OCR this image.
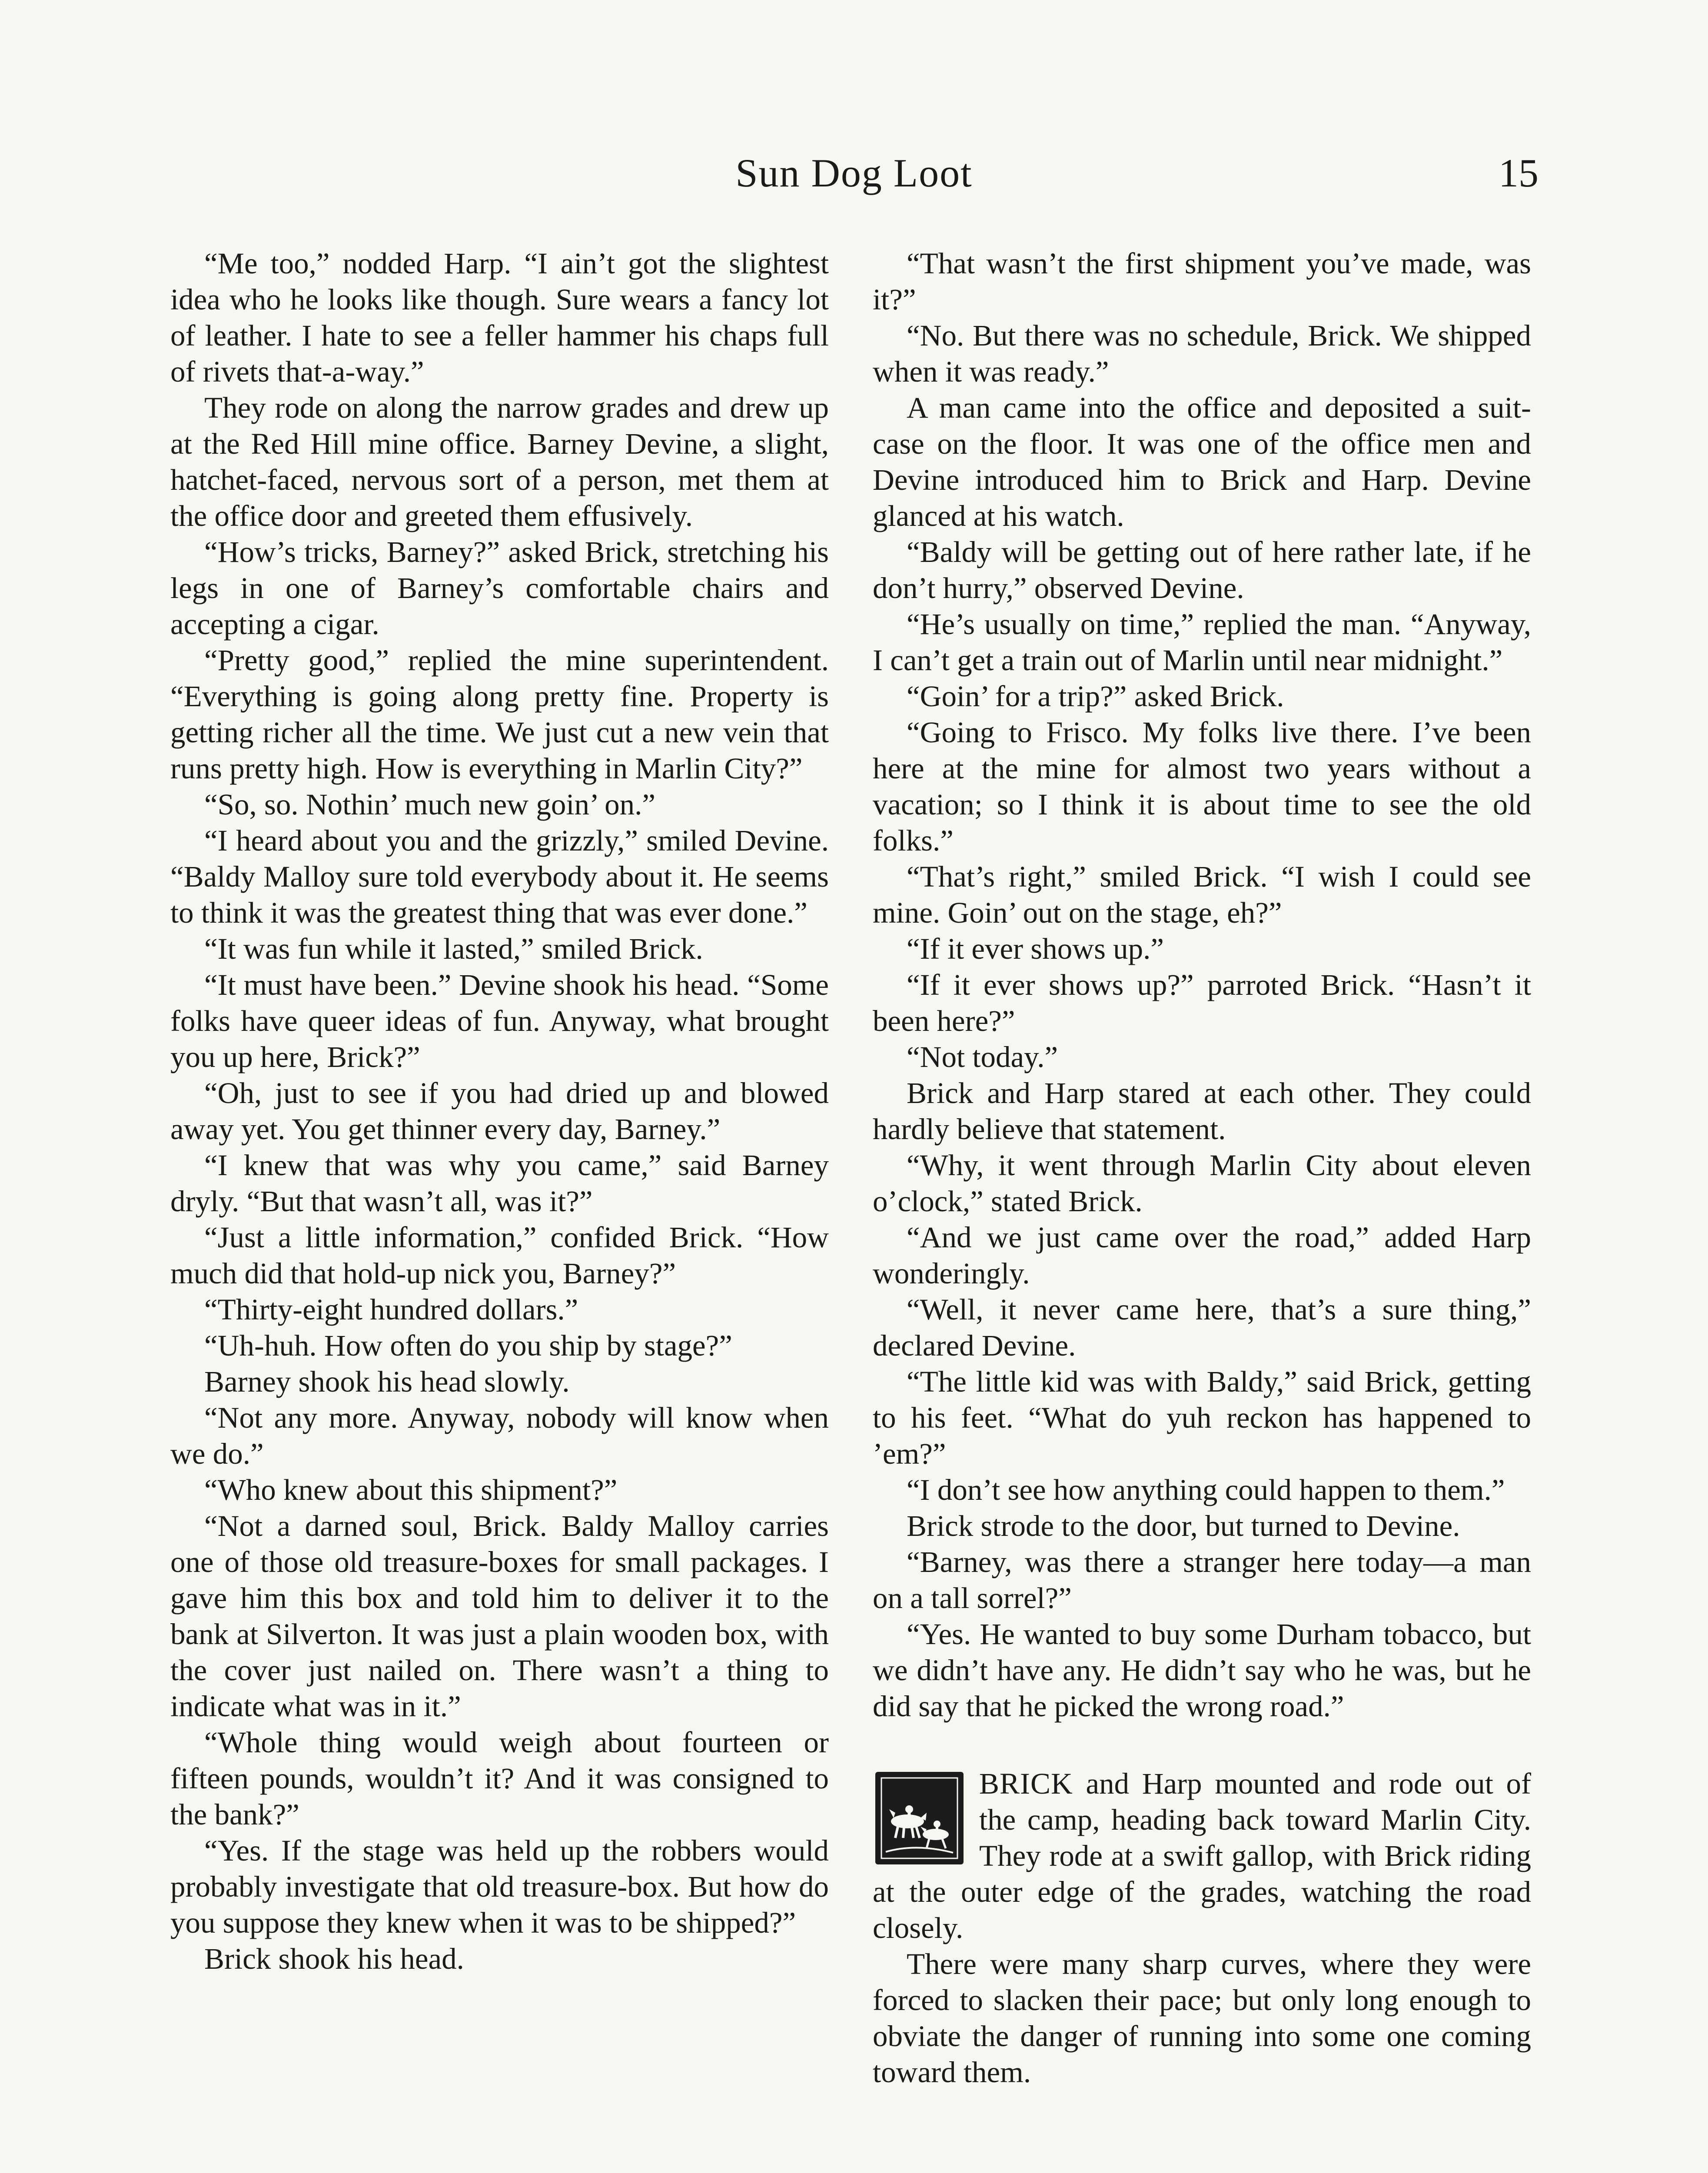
Sun Dog Loot	15

“Me too,” nodded Harp. “I ain’t got the slightest idea who he looks like though. Sure wears a fancy lot of leather. I hate to see a feller hammer his chaps full of rivets that-a-way.”

They rode on along the narrow grades and drew up at the Red Hill mine office. Barney Devine, a slight, hatchet-faced, nervous sort of a person, met them at the office door and greeted them effusively.

“How’s tricks, Barney?” asked Brick, stretching his legs in one of Barney’s comfortable chairs and accepting a cigar.

“Pretty good,” replied the mine superintendent. “Everything is going along pretty fine. Property is getting richer all the time. We just cut a new vein that runs pretty high. How is everything in Marlin City?”

“So, so. Nothin’ much new goin’ on.”

“I heard about you and the grizzly,” smiled Devine. “Baldy Malloy sure told everybody about it. He seems to think it was the greatest thing that was ever done.”

“It was fun while it lasted,” smiled Brick.

“It must have been.” Devine shook his head. “Some folks have queer ideas of fun. Anyway, what brought you up here, Brick?”

“Oh, just to see if you had dried up and blowed away yet. You get thinner every day, Barney.”

“I knew that was why you came,” said Barney dryly. “But that wasn’t all, was it?”

“Just a little information,” confided Brick. “How much did that hold-up nick you, Barney?”

“Thirty-eight hundred dollars.”

“Uh-huh. How often do you ship by stage?”

Barney shook his head slowly.

“Not any more. Anyway, nobody will know when we do.”

“Who knew about this shipment?”

“Not a darned soul, Brick. Baldy Malloy carries one of those old treasure-boxes for small packages. I gave him this box and told him to deliver it to the bank at Silverton. It was just a plain wooden box, with the cover just nailed on. There wasn’t a thing to indicate what was in it.”

“Whole thing would weigh about fourteen or fifteen pounds, wouldn’t it? And it was consigned to the bank?”

“Yes. If the stage was held up the robbers would probably investigate that old treasure-box. But how do you suppose they knew when it was to be shipped?”

Brick shook his head.

“That wasn’t the first shipment you’ve made, was it?”

“No. But there was no schedule, Brick. We shipped when it was ready.”

A man came into the office and deposited a suit-case on the floor. It was one of the office men and Devine introduced him to Brick and Harp. Devine glanced at his watch.

“Baldy will be getting out of here rather late, if he don’t hurry,” observed Devine.

“He’s usually on time,” replied the man. “Anyway, I can’t get a train out of Marlin until near midnight.”

“Goin’ for a trip?” asked Brick.

“Going to Frisco. My folks live there. I’ve been here at the mine for almost two years without a vacation; so I think it is about time to see the old folks.”

“That’s right,” smiled Brick. “I wish I could see mine. Goin’ out on the stage, eh?”

“If it ever shows up.”

“If it ever shows up?” parroted Brick. “Hasn’t it been here?”

“Not today.”

Brick and Harp stared at each other. They could hardly believe that statement.

“Why, it went through Marlin City about eleven o’clock,” stated Brick.

“And we just came over the road,” added Harp wonderingly.

“Well, it never came here, that’s a sure thing,” declared Devine.

“The little kid was with Baldy,” said Brick, getting to his feet. “What do yuh reckon has happened to ’em?”

“I don’t see how anything could happen to them.”

Brick strode to the door, but turned to Devine.

“Barney, was there a stranger here today—a man on a tall sorrel?”

“Yes. He wanted to buy some Durham tobacco, but we didn’t have any. He didn’t say who he was, but he did say that he picked the wrong road.”

BRICK and Harp mounted and rode out of the camp, heading back toward Marlin City. They rode at a swift gallop, with Brick riding at the outer edge of the grades, watching the road closely.

There were many sharp curves, where they were forced to slacken their pace; but only long enough to obviate the danger of running into some one coming toward them.
